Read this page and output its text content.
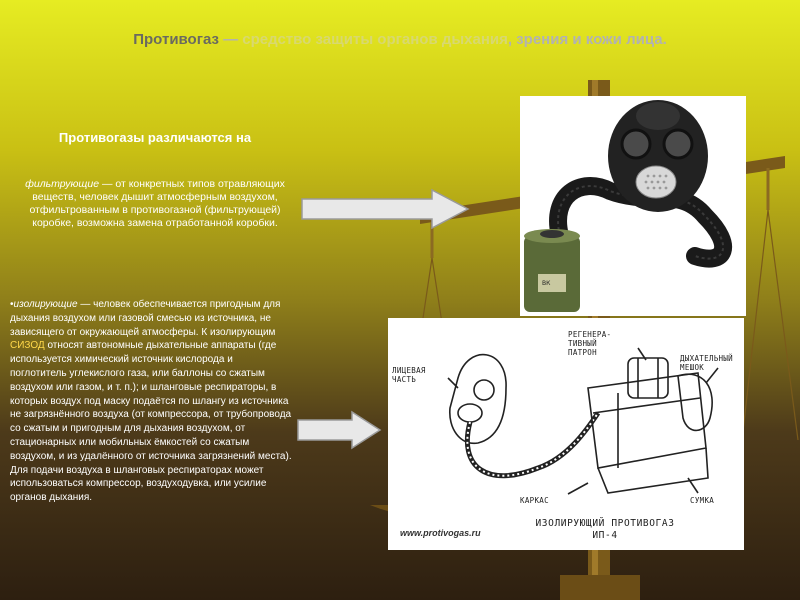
Противогаз — средство защиты органов дыхания, зрения и кожи лица.
Противогазы различаются на
фильтрующие — от конкретных типов отравляющих веществ, человек дышит атмосферным воздухом, отфильтрованным в противогазной (фильтрующей) коробке, возможна замена отработанной коробки.
•изолирующие — человек обеспечивается пригодным для дыхания воздухом или газовой смесью из источника, не зависящего от окружающей атмосферы. К изолирующим СИЗОД относят автономные дыхательные аппараты (где используется химический источник кислорода и поглотитель углекислого газа, или баллоны со сжатым воздухом или газом, и т. п.); и шланговые респираторы, в которых воздух под маску подаётся по шлангу из источника не загрязнённого воздуха (от компрессора, от трубопровода со сжатым и пригодным для дыхания воздухом, от стационарных или мобильных ёмкостей со сжатым воздухом, и из удалённого от источника загрязнений места). Для подачи воздуха в шланговых респираторах может использоваться компрессор, воздуходувка, или усилие органов дыхания.
ВК
ЛИЦЕВАЯ
ЧАСТЬ
РЕГЕНЕРА-
ТИВНЫЙ
ПАТРОН
ДЫХАТЕЛЬНЫЙ
МЕШОК
КАРКАС	СУМКА
ИЗОЛИРУЮЩИЙ ПРОТИВОГАЗ
ИП-4
www.protivogas.ru
